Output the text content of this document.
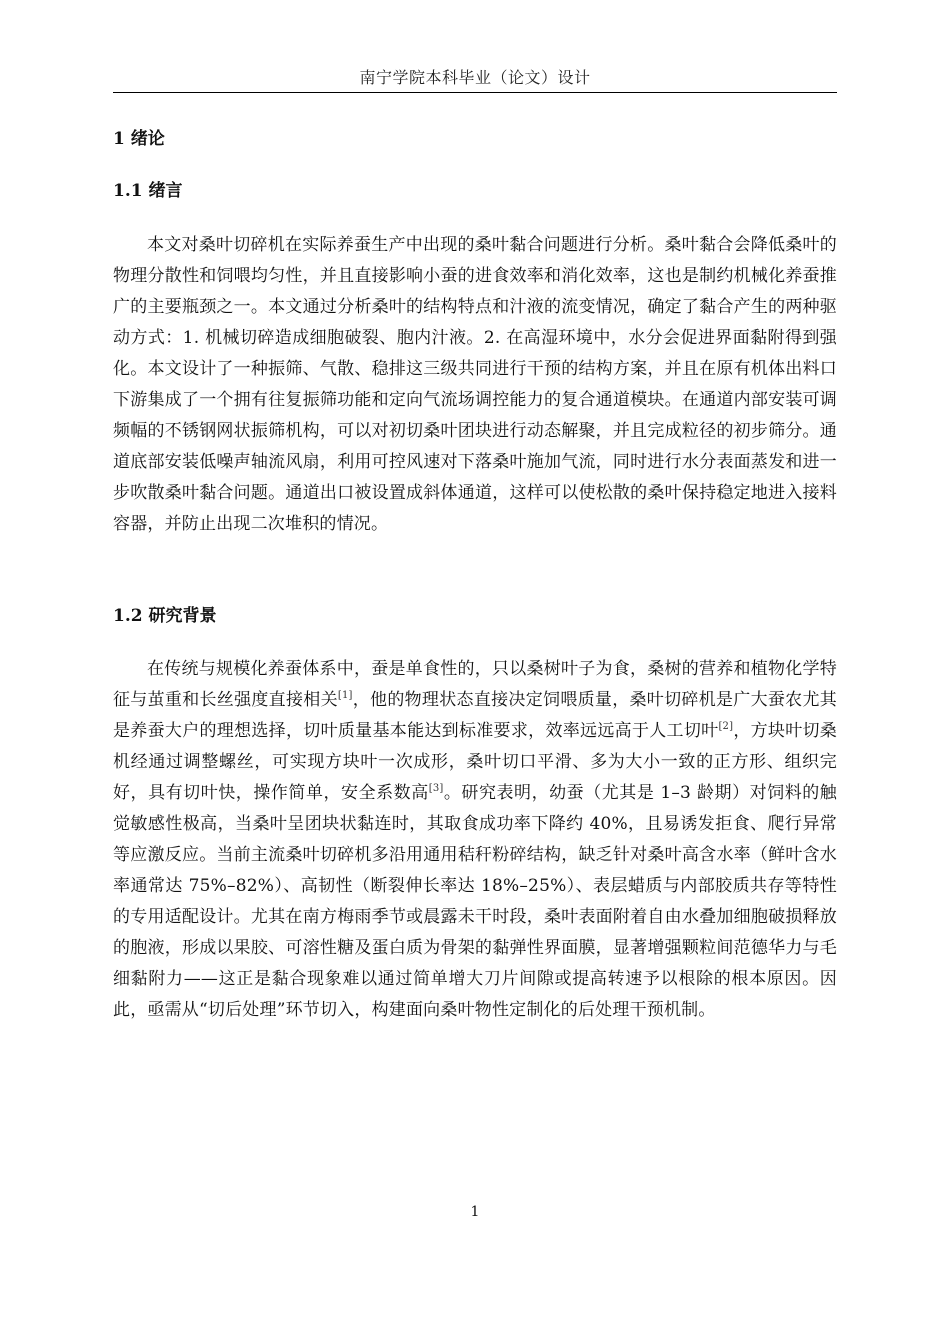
南宁学院本科毕业（论文）设计
1 绪论
1.1 绪言

本文对桑叶切碎机在实际养蚕生产中出现的桑叶黏合问题进行分析。桑叶黏合会降低桑叶的物理分散性和饲喂均匀性，并且直接影响小蚕的进食效率和消化效率，这也是制约机械化养蚕推广的主要瓶颈之一。本文通过分析桑叶的结构特点和汁液的流变情况，确定了黏合产生的两种驱动方式：1. 机械切碎造成细胞破裂、胞内汁液。2. 在高湿环境中，水分会促进界面黏附得到强化。本文设计了一种振筛、气散、稳排这三级共同进行干预的结构方案，并且在原有机体出料口下游集成了一个拥有往复振筛功能和定向气流场调控能力的复合通道模块。在通道内部安装可调频幅的不锈钢网状振筛机构，可以对初切桑叶团块进行动态解聚，并且完成粒径的初步筛分。通道底部安装低噪声轴流风扇，利用可控风速对下落桑叶施加气流，同时进行水分表面蒸发和进一步吹散桑叶黏合问题。通道出口被设置成斜体通道，这样可以使松散的桑叶保持稳定地进入接料容器，并防止出现二次堆积的情况。

1.2 研究背景

在传统与规模化养蚕体系中，蚕是单食性的，只以桑树叶子为食，桑树的营养和植物化学特征与茧重和长丝强度直接相关[1]，他的物理状态直接决定饲喂质量，桑叶切碎机是广大蚕农尤其是养蚕大户的理想选择，切叶质量基本能达到标准要求，效率远远高于人工切叶[2]，方块叶切桑机经通过调整螺丝，可实现方块叶一次成形，桑叶切口平滑、多为大小一致的正方形、组织完好，具有切叶快，操作简单，安全系数高[3]。研究表明，幼蚕（尤其是 1–3 龄期）对饲料的触觉敏感性极高，当桑叶呈团块状黏连时，其取食成功率下降约 40%，且易诱发拒食、爬行异常等应激反应。当前主流桑叶切碎机多沿用通用秸秆粉碎结构，缺乏针对桑叶高含水率（鲜叶含水率通常达 75%–82%）、高韧性（断裂伸长率达 18%–25%）、表层蜡质与内部胶质共存等特性的专用适配设计。尤其在南方梅雨季节或晨露未干时段，桑叶表面附着自由水叠加细胞破损释放的胞液，形成以果胶、可溶性糖及蛋白质为骨架的黏弹性界面膜，显著增强颗粒间范德华力与毛细黏附力——这正是黏合现象难以通过简单增大刀片间隙或提高转速予以根除的根本原因。因此，亟需从“切后处理”环节切入，构建面向桑叶物性定制化的后处理干预机制。

1
